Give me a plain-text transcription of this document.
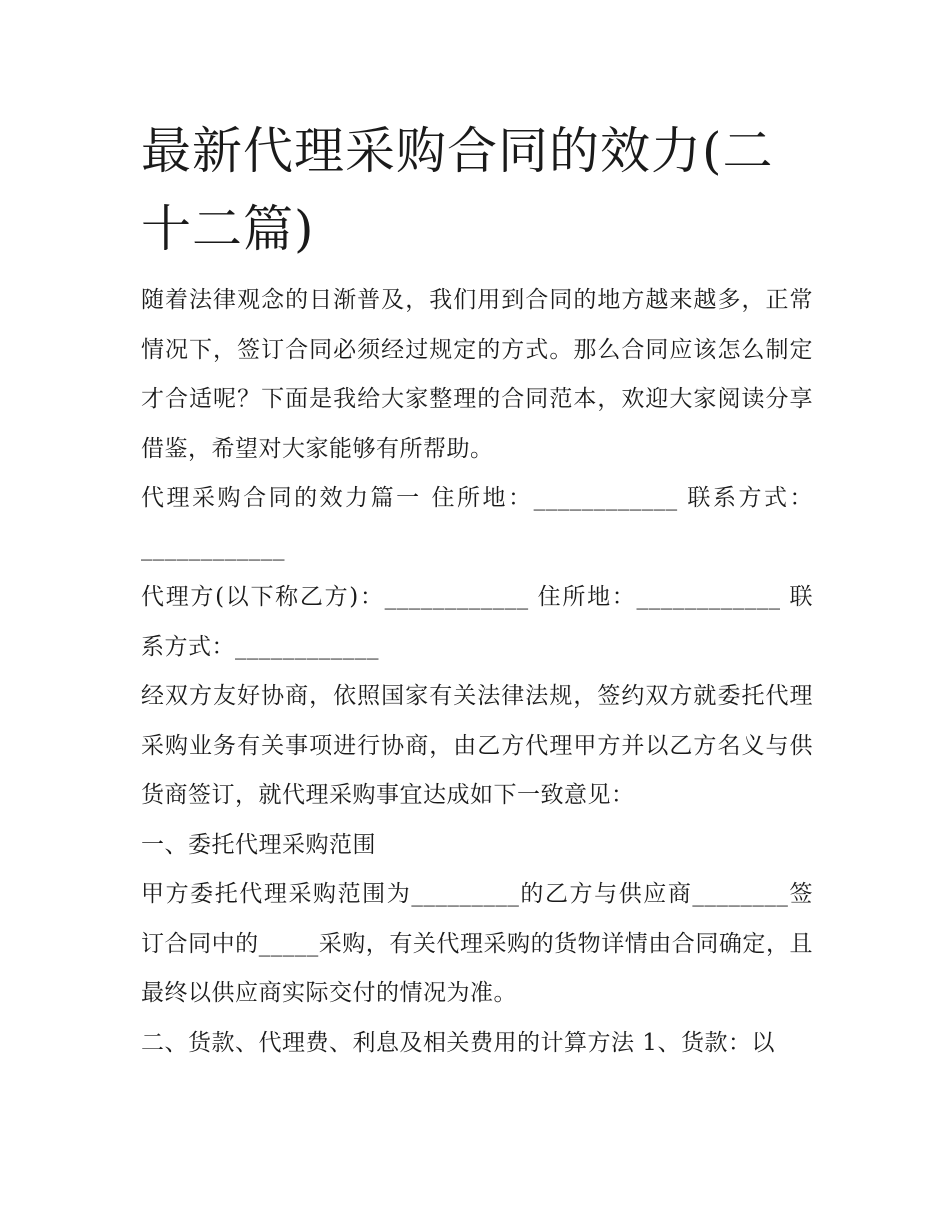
最新代理采购合同的效力(二十二篇)

随着法律观念的日渐普及，我们用到合同的地方越来越多，正常情况下，签订合同必须经过规定的方式。那么合同应该怎么制定才合适呢？下面是我给大家整理的合同范本，欢迎大家阅读分享借鉴，希望对大家能够有所帮助。

代理采购合同的效力篇一 住所地：____________ 联系方式：____________

代理方(以下称乙方)：____________ 住所地：____________ 联系方式：____________

经双方友好协商，依照国家有关法律法规，签约双方就委托代理采购业务有关事项进行协商，由乙方代理甲方并以乙方名义与供货商签订，就代理采购事宜达成如下一致意见：

一、委托代理采购范围

甲方委托代理采购范围为_________的乙方与供应商________签订合同中的_____采购，有关代理采购的货物详情由合同确定，且最终以供应商实际交付的情况为准。

二、货款、代理费、利息及相关费用的计算方法 1、货款：以
